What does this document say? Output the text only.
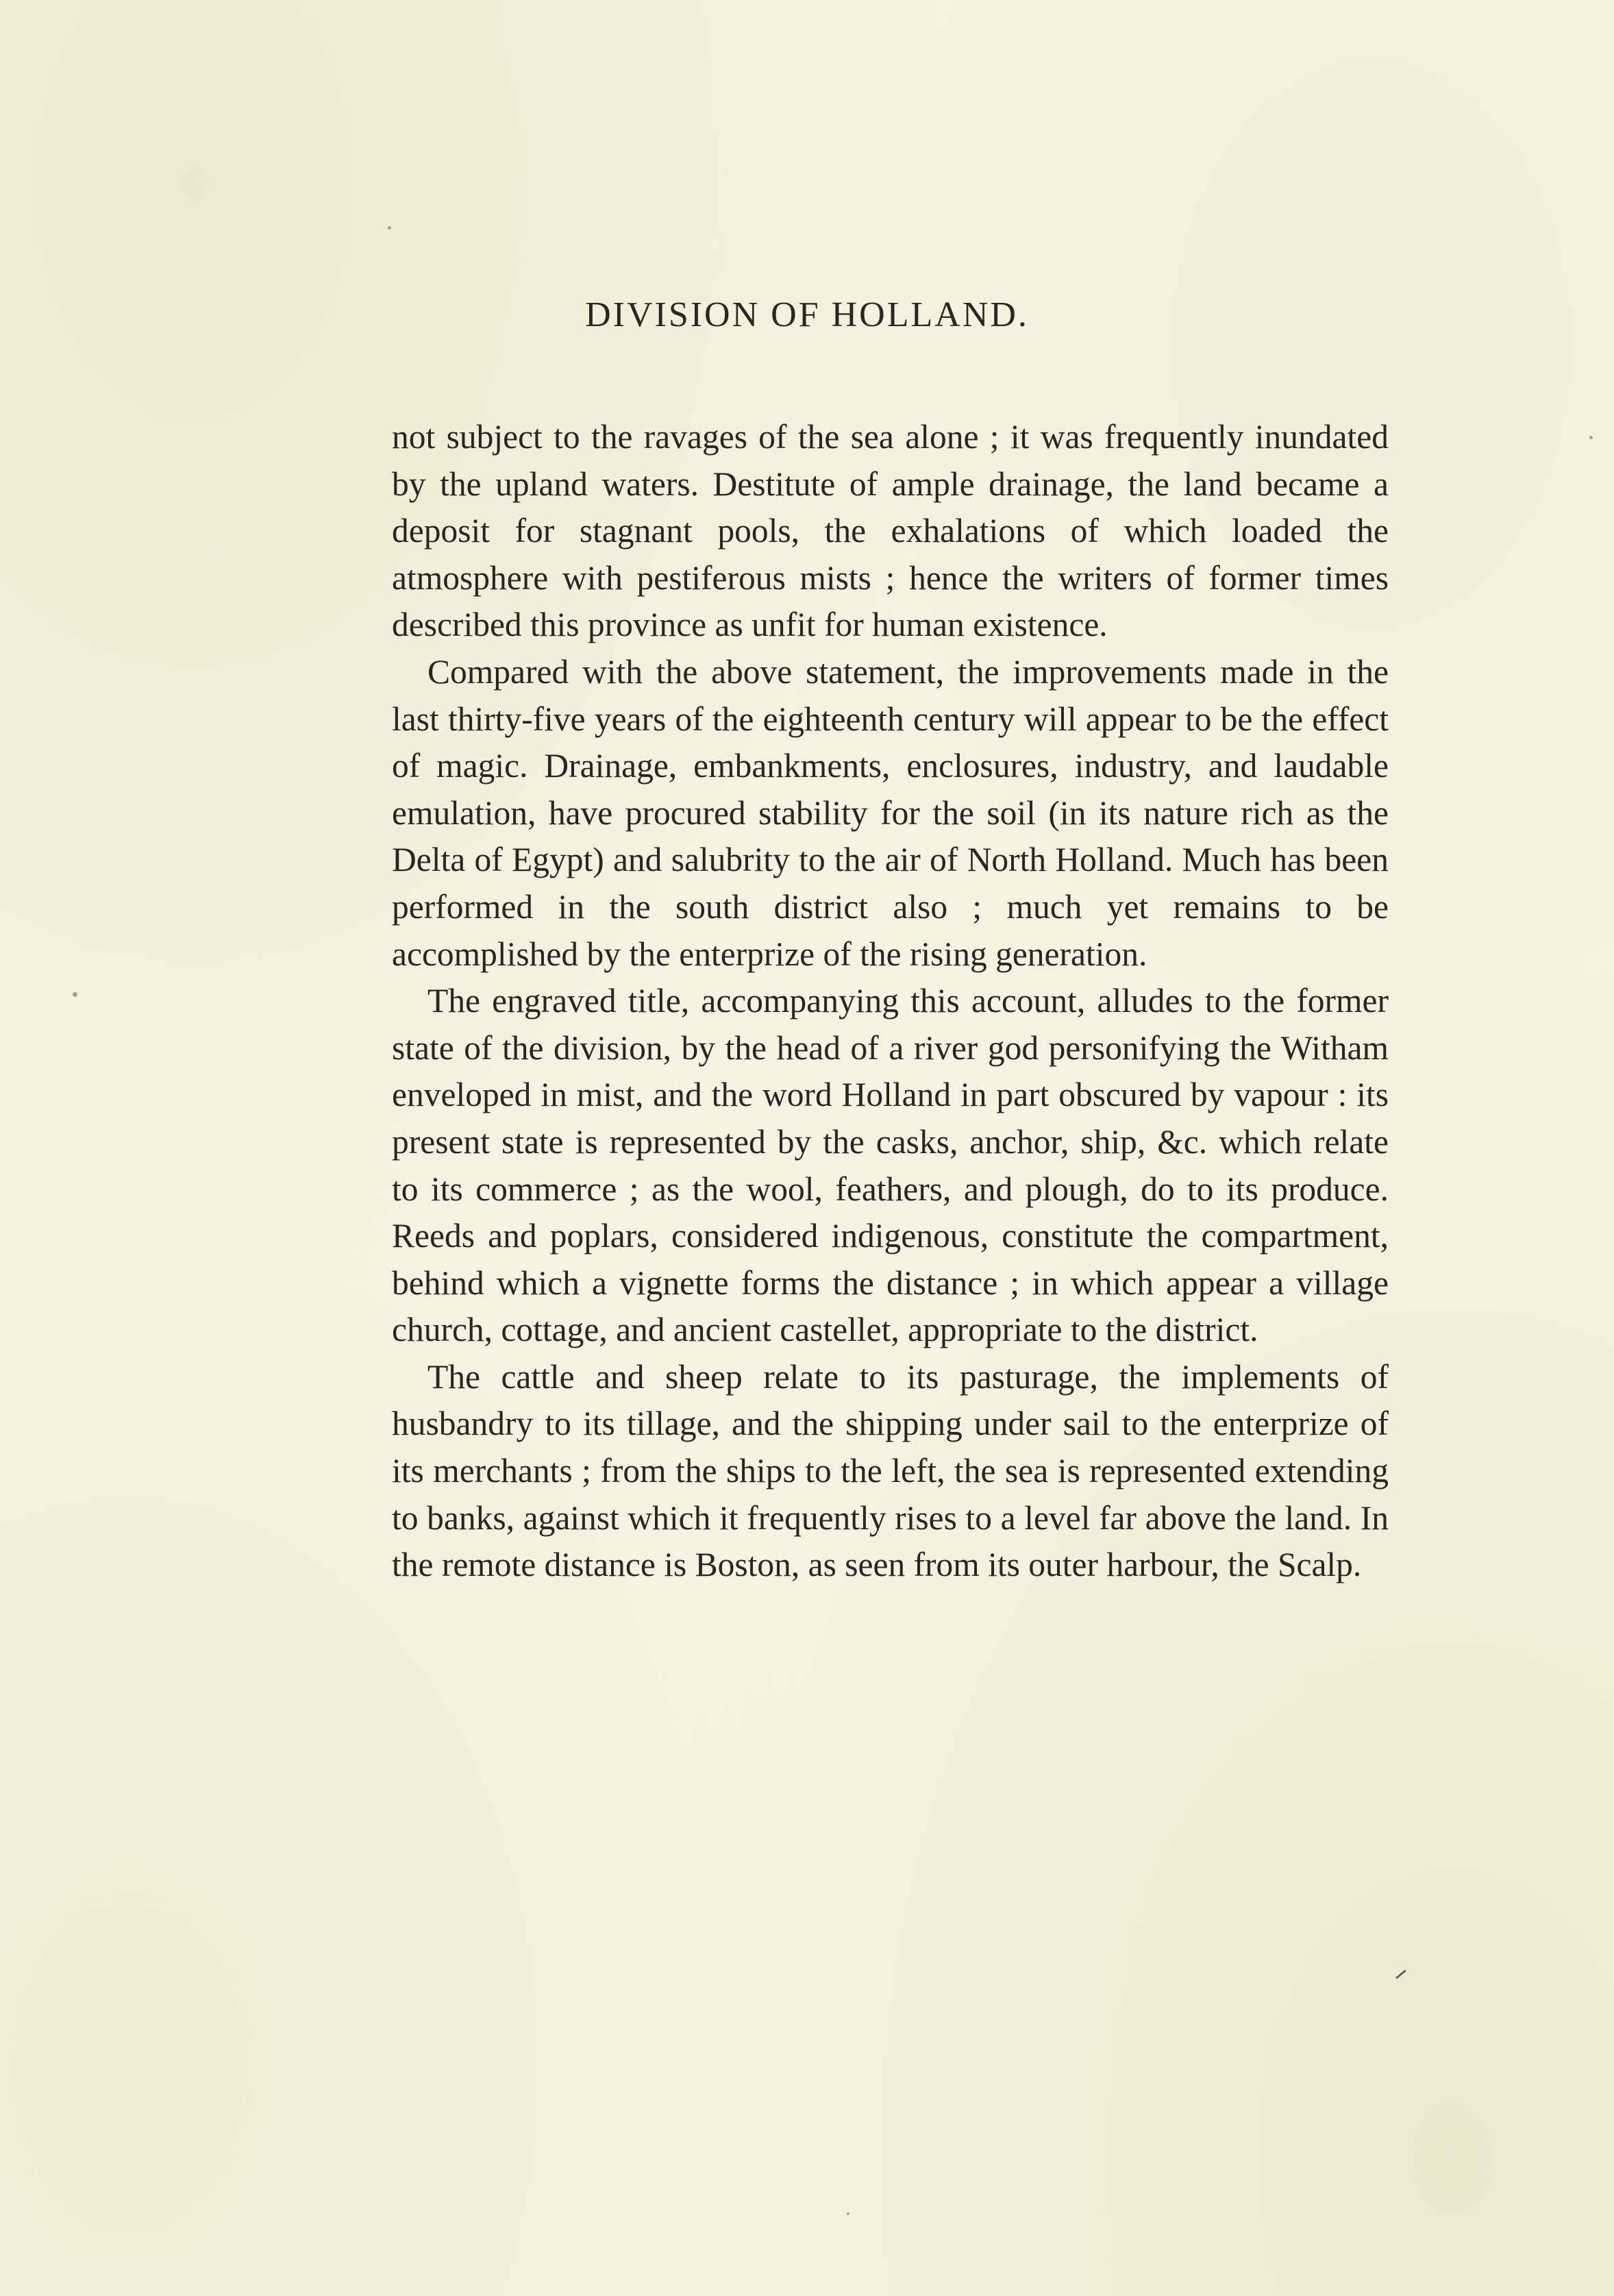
DIVISION OF HOLLAND.

not subject to the ravages of the sea alone ; it was frequently inundated by the upland waters. Destitute of ample drainage, the land became a deposit for stagnant pools, the exhalations of which loaded the atmosphere with pestiferous mists ; hence the writers of former times described this province as unfit for human existence.

Compared with the above statement, the improvements made in the last thirty-five years of the eighteenth century will appear to be the effect of magic. Drainage, embankments, enclosures, industry, and laudable emulation, have procured stability for the soil (in its nature rich as the Delta of Egypt) and salubrity to the air of North Holland. Much has been performed in the south district also ; much yet remains to be accomplished by the enterprize of the rising generation.

The engraved title, accompanying this account, alludes to the former state of the division, by the head of a river god personifying the Witham enveloped in mist, and the word Holland in part obscured by vapour : its present state is represented by the casks, anchor, ship, &c. which relate to its commerce ; as the wool, feathers, and plough, do to its produce. Reeds and poplars, considered indigenous, constitute the compartment, behind which a vignette forms the distance ; in which appear a village church, cottage, and ancient castellet, appropriate to the district.

The cattle and sheep relate to its pasturage, the implements of husbandry to its tillage, and the shipping under sail to the enterprize of its merchants ; from the ships to the left, the sea is represented extending to banks, against which it frequently rises to a level far above the land. In the remote distance is Boston, as seen from its outer harbour, the Scalp.
